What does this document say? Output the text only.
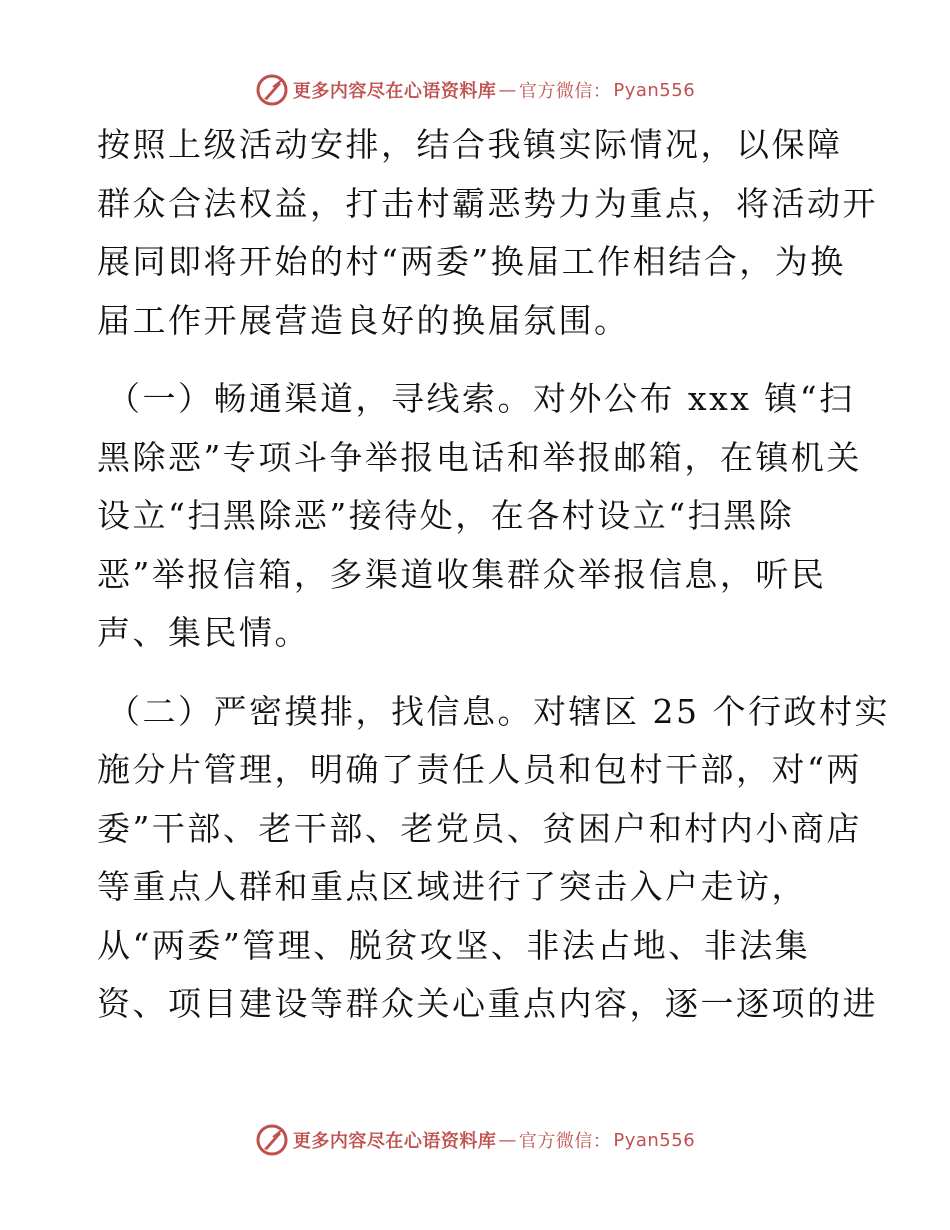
更多内容尽在心语资料库 — 官方微信： Pyan556
按照上级活动安排，结合我镇实际情况，以保障
群众合法权益，打击村霸恶势力为重点，将活动开
展同即将开始的村“两委”换届工作相结合，为换
届工作开展营造良好的换届氛围。
（一）畅通渠道，寻线索。对外公布 xxx 镇“扫
黑除恶”专项斗争举报电话和举报邮箱，在镇机关
设立“扫黑除恶”接待处，在各村设立“扫黑除
恶”举报信箱，多渠道收集群众举报信息，听民
声、集民情。
（二）严密摸排，找信息。对辖区 25 个行政村实
施分片管理，明确了责任人员和包村干部，对“两
委”干部、老干部、老党员、贫困户和村内小商店
等重点人群和重点区域进行了突击入户走访，
从“两委”管理、脱贫攻坚、非法占地、非法集
资、项目建设等群众关心重点内容，逐一逐项的进
更多内容尽在心语资料库 — 官方微信： Pyan556
